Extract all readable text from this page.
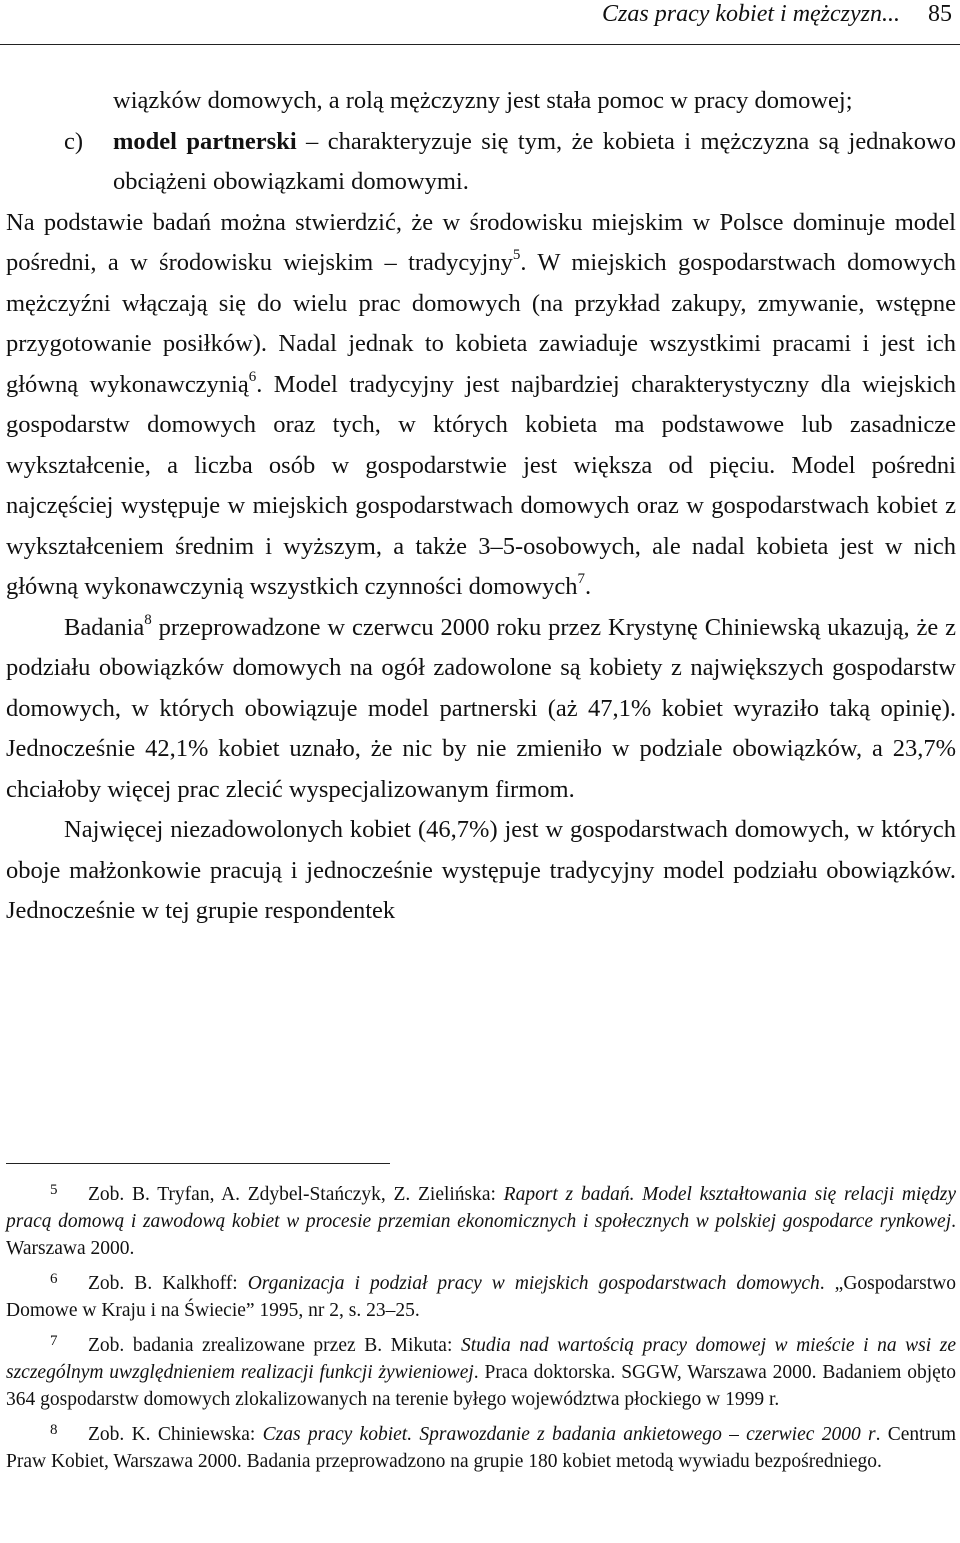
Czas pracy kobiet i mężczyzn... 85

wiązków domowych, a rolą mężczyzny jest stała pomoc w pracy domowej;

c) model partnerski – charakteryzuje się tym, że kobieta i mężczyzna są jednakowo obciążeni obowiązkami domowymi.

Na podstawie badań można stwierdzić, że w środowisku miejskim w Polsce dominuje model pośredni, a w środowisku wiejskim – tradycyjny$^5$. W miejskich gospodarstwach domowych mężczyźni włączają się do wielu prac domowych (na przykład zakupy, zmywanie, wstępne przygotowanie posiłków). Nadal jednak to kobieta zawiaduje wszystkimi pracami i jest ich główną wykonawczynią$^6$. Model tradycyjny jest najbardziej charakterystyczny dla wiejskich gospodarstw domowych oraz tych, w których kobieta ma podstawowe lub zasadnicze wykształcenie, a liczba osób w gospodarstwie jest większa od pięciu. Model pośredni najczęściej występuje w miejskich gospodarstwach domowych oraz w gospodarstwach kobiet z wykształceniem średnim i wyższym, a także 3–5-osobowych, ale nadal kobieta jest w nich główną wykonawczynią wszystkich czynności domowych$^7$.

Badania$^8$ przeprowadzone w czerwcu 2000 roku przez Krystynę Chiniewską ukazują, że z podziału obowiązków domowych na ogół zadowolone są kobiety z największych gospodarstw domowych, w których obowiązuje model partnerski (aż 47,1% kobiet wyraziło taką opinię). Jednocześnie 42,1% kobiet uznało, że nic by nie zmieniło w podziale obowiązków, a 23,7% chciałoby więcej prac zlecić wyspecjalizowanym firmom.

Najwięcej niezadowolonych kobiet (46,7%) jest w gospodarstwach domowych, w których oboje małżonkowie pracują i jednocześnie występuje tradycyjny model podziału obowiązków. Jednocześnie w tej grupie respondentek

5 Zob. B. Tryfan, A. Zdybel-Stańczyk, Z. Zielińska: Raport z badań. Model kształtowania się relacji między pracą domową i zawodową kobiet w procesie przemian ekonomicznych i społecznych w polskiej gospodarce rynkowej. Warszawa 2000.

6 Zob. B. Kalkhoff: Organizacja i podział pracy w miejskich gospodarstwach domowych. „Gospodarstwo Domowe w Kraju i na Świecie” 1995, nr 2, s. 23–25.

7 Zob. badania zrealizowane przez B. Mikuta: Studia nad wartością pracy domowej w mieście i na wsi ze szczególnym uwzględnieniem realizacji funkcji żywieniowej. Praca doktorska. SGGW, Warszawa 2000. Badaniem objęto 364 gospodarstw domowych zlokalizowanych na terenie byłego województwa płockiego w 1999 r.

8 Zob. K. Chiniewska: Czas pracy kobiet. Sprawozdanie z badania ankietowego – czerwiec 2000 r. Centrum Praw Kobiet, Warszawa 2000. Badania przeprowadzono na grupie 180 kobiet metodą wywiadu bezpośredniego.
